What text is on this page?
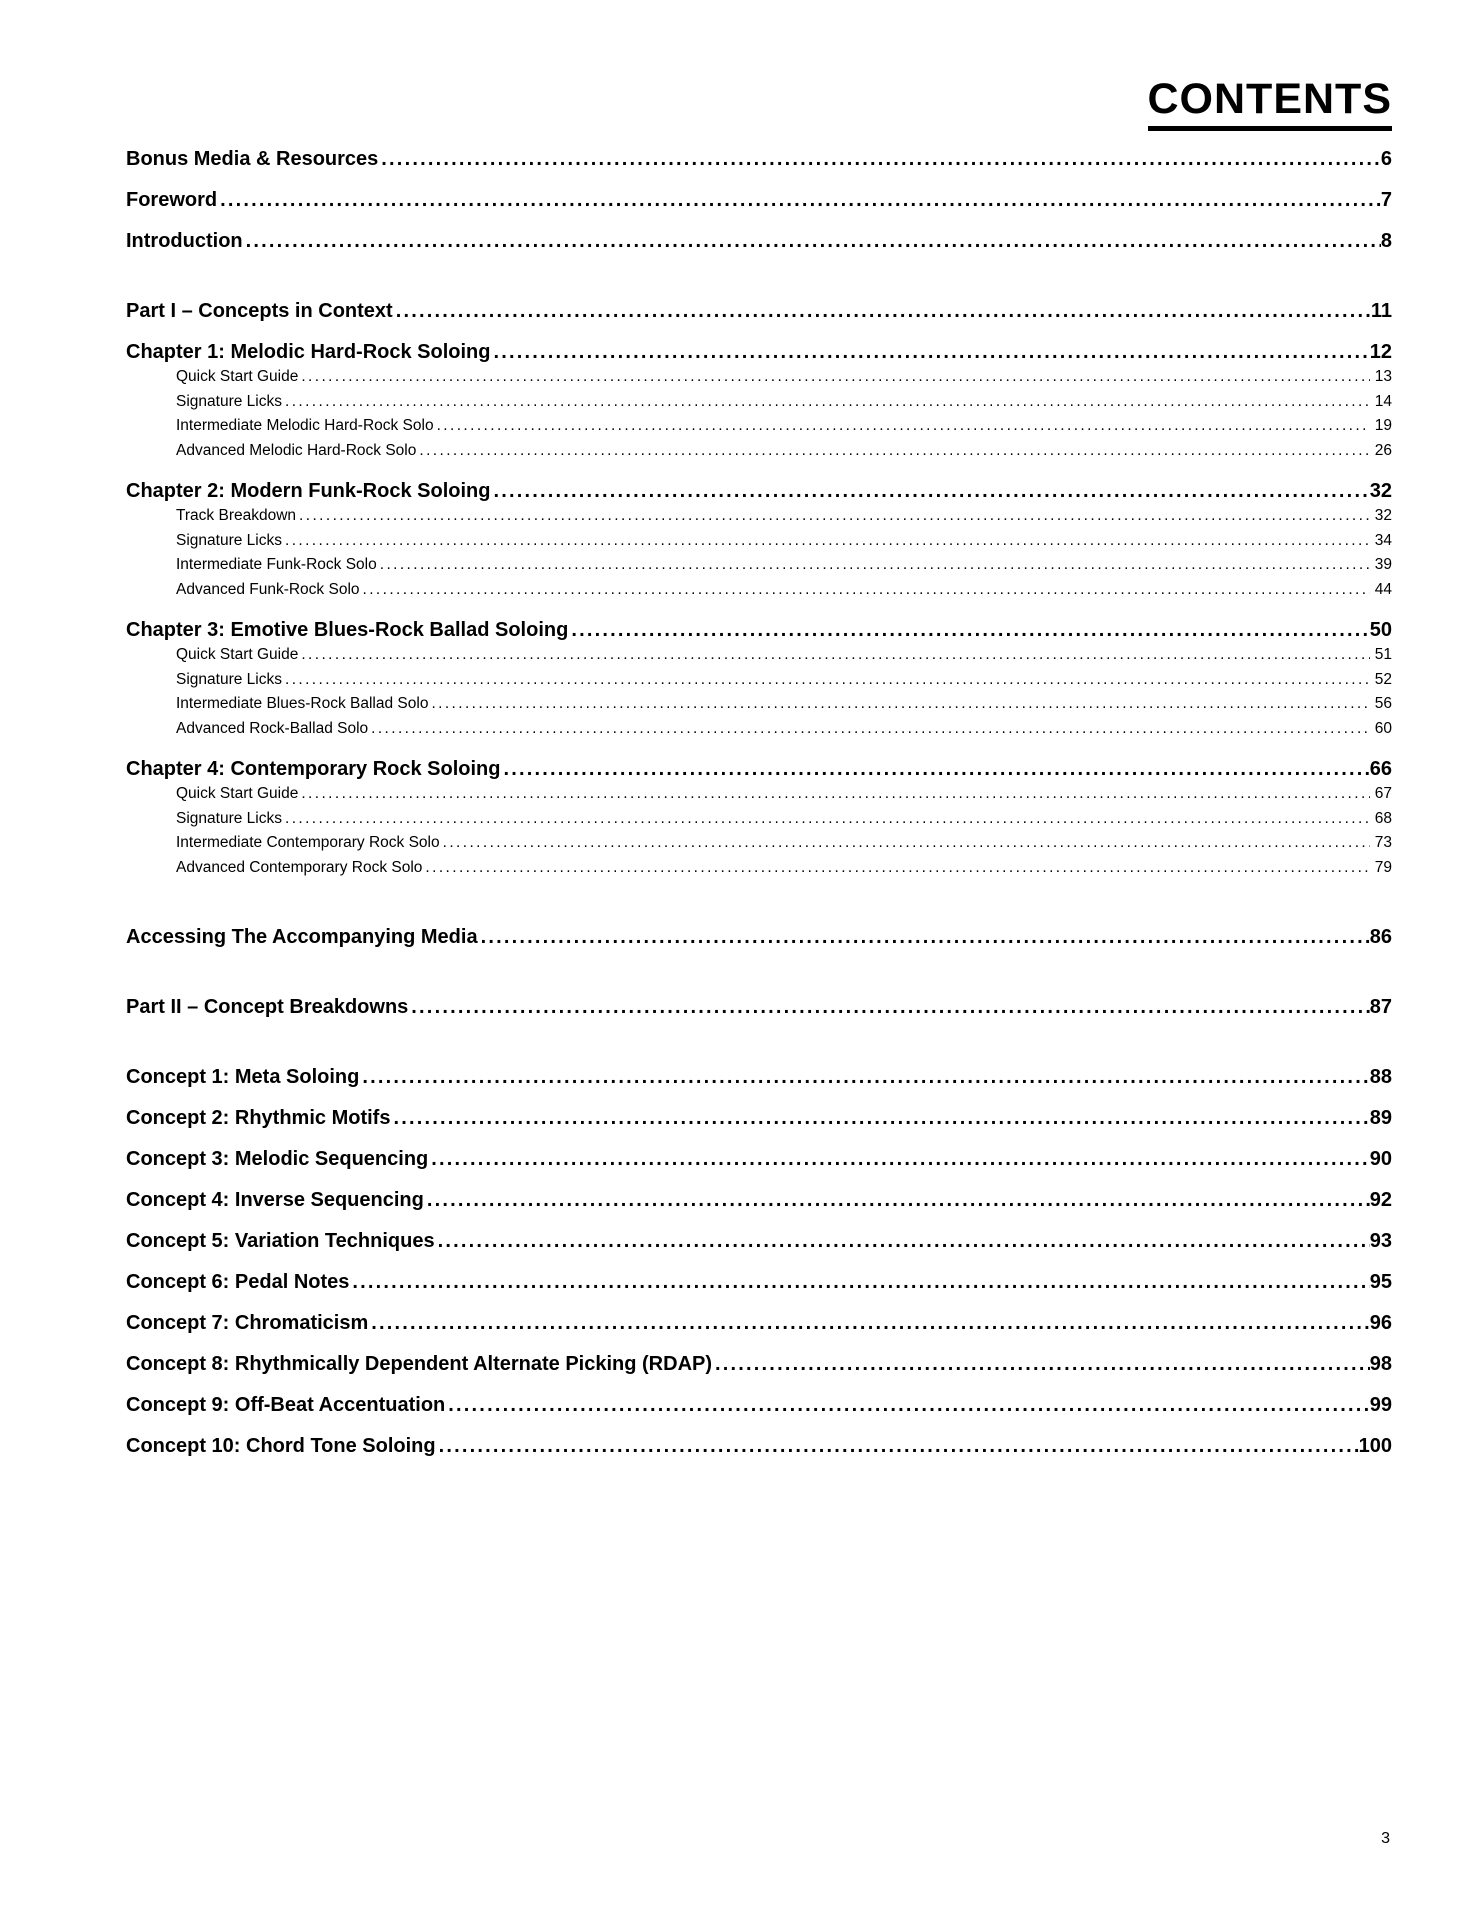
CONTENTS
Bonus Media & Resources .....	6
Foreword .....	7
Introduction .....	8
Part I – Concepts in Context .....	11
Chapter 1: Melodic Hard-Rock Soloing .....	12
Quick Start Guide .....	13
Signature Licks .....	14
Intermediate Melodic Hard-Rock Solo .....	19
Advanced Melodic Hard-Rock Solo .....	26
Chapter 2: Modern Funk-Rock Soloing .....	32
Track Breakdown .....	32
Signature Licks .....	34
Intermediate Funk-Rock Solo .....	39
Advanced Funk-Rock Solo .....	44
Chapter 3: Emotive Blues-Rock Ballad Soloing .....	50
Quick Start Guide .....	51
Signature Licks .....	52
Intermediate Blues-Rock Ballad Solo .....	56
Advanced Rock-Ballad Solo .....	60
Chapter 4: Contemporary Rock Soloing .....	66
Quick Start Guide .....	67
Signature Licks .....	68
Intermediate Contemporary Rock Solo .....	73
Advanced Contemporary Rock Solo .....	79
Accessing The Accompanying Media .....	86
Part II – Concept Breakdowns .....	87
Concept 1: Meta Soloing .....	88
Concept 2: Rhythmic Motifs .....	89
Concept 3: Melodic Sequencing .....	90
Concept 4: Inverse Sequencing .....	92
Concept 5: Variation Techniques .....	93
Concept 6: Pedal Notes .....	95
Concept 7: Chromaticism .....	96
Concept 8: Rhythmically Dependent Alternate Picking (RDAP) .....	98
Concept 9: Off-Beat Accentuation .....	99
Concept 10: Chord Tone Soloing .....	100
3
